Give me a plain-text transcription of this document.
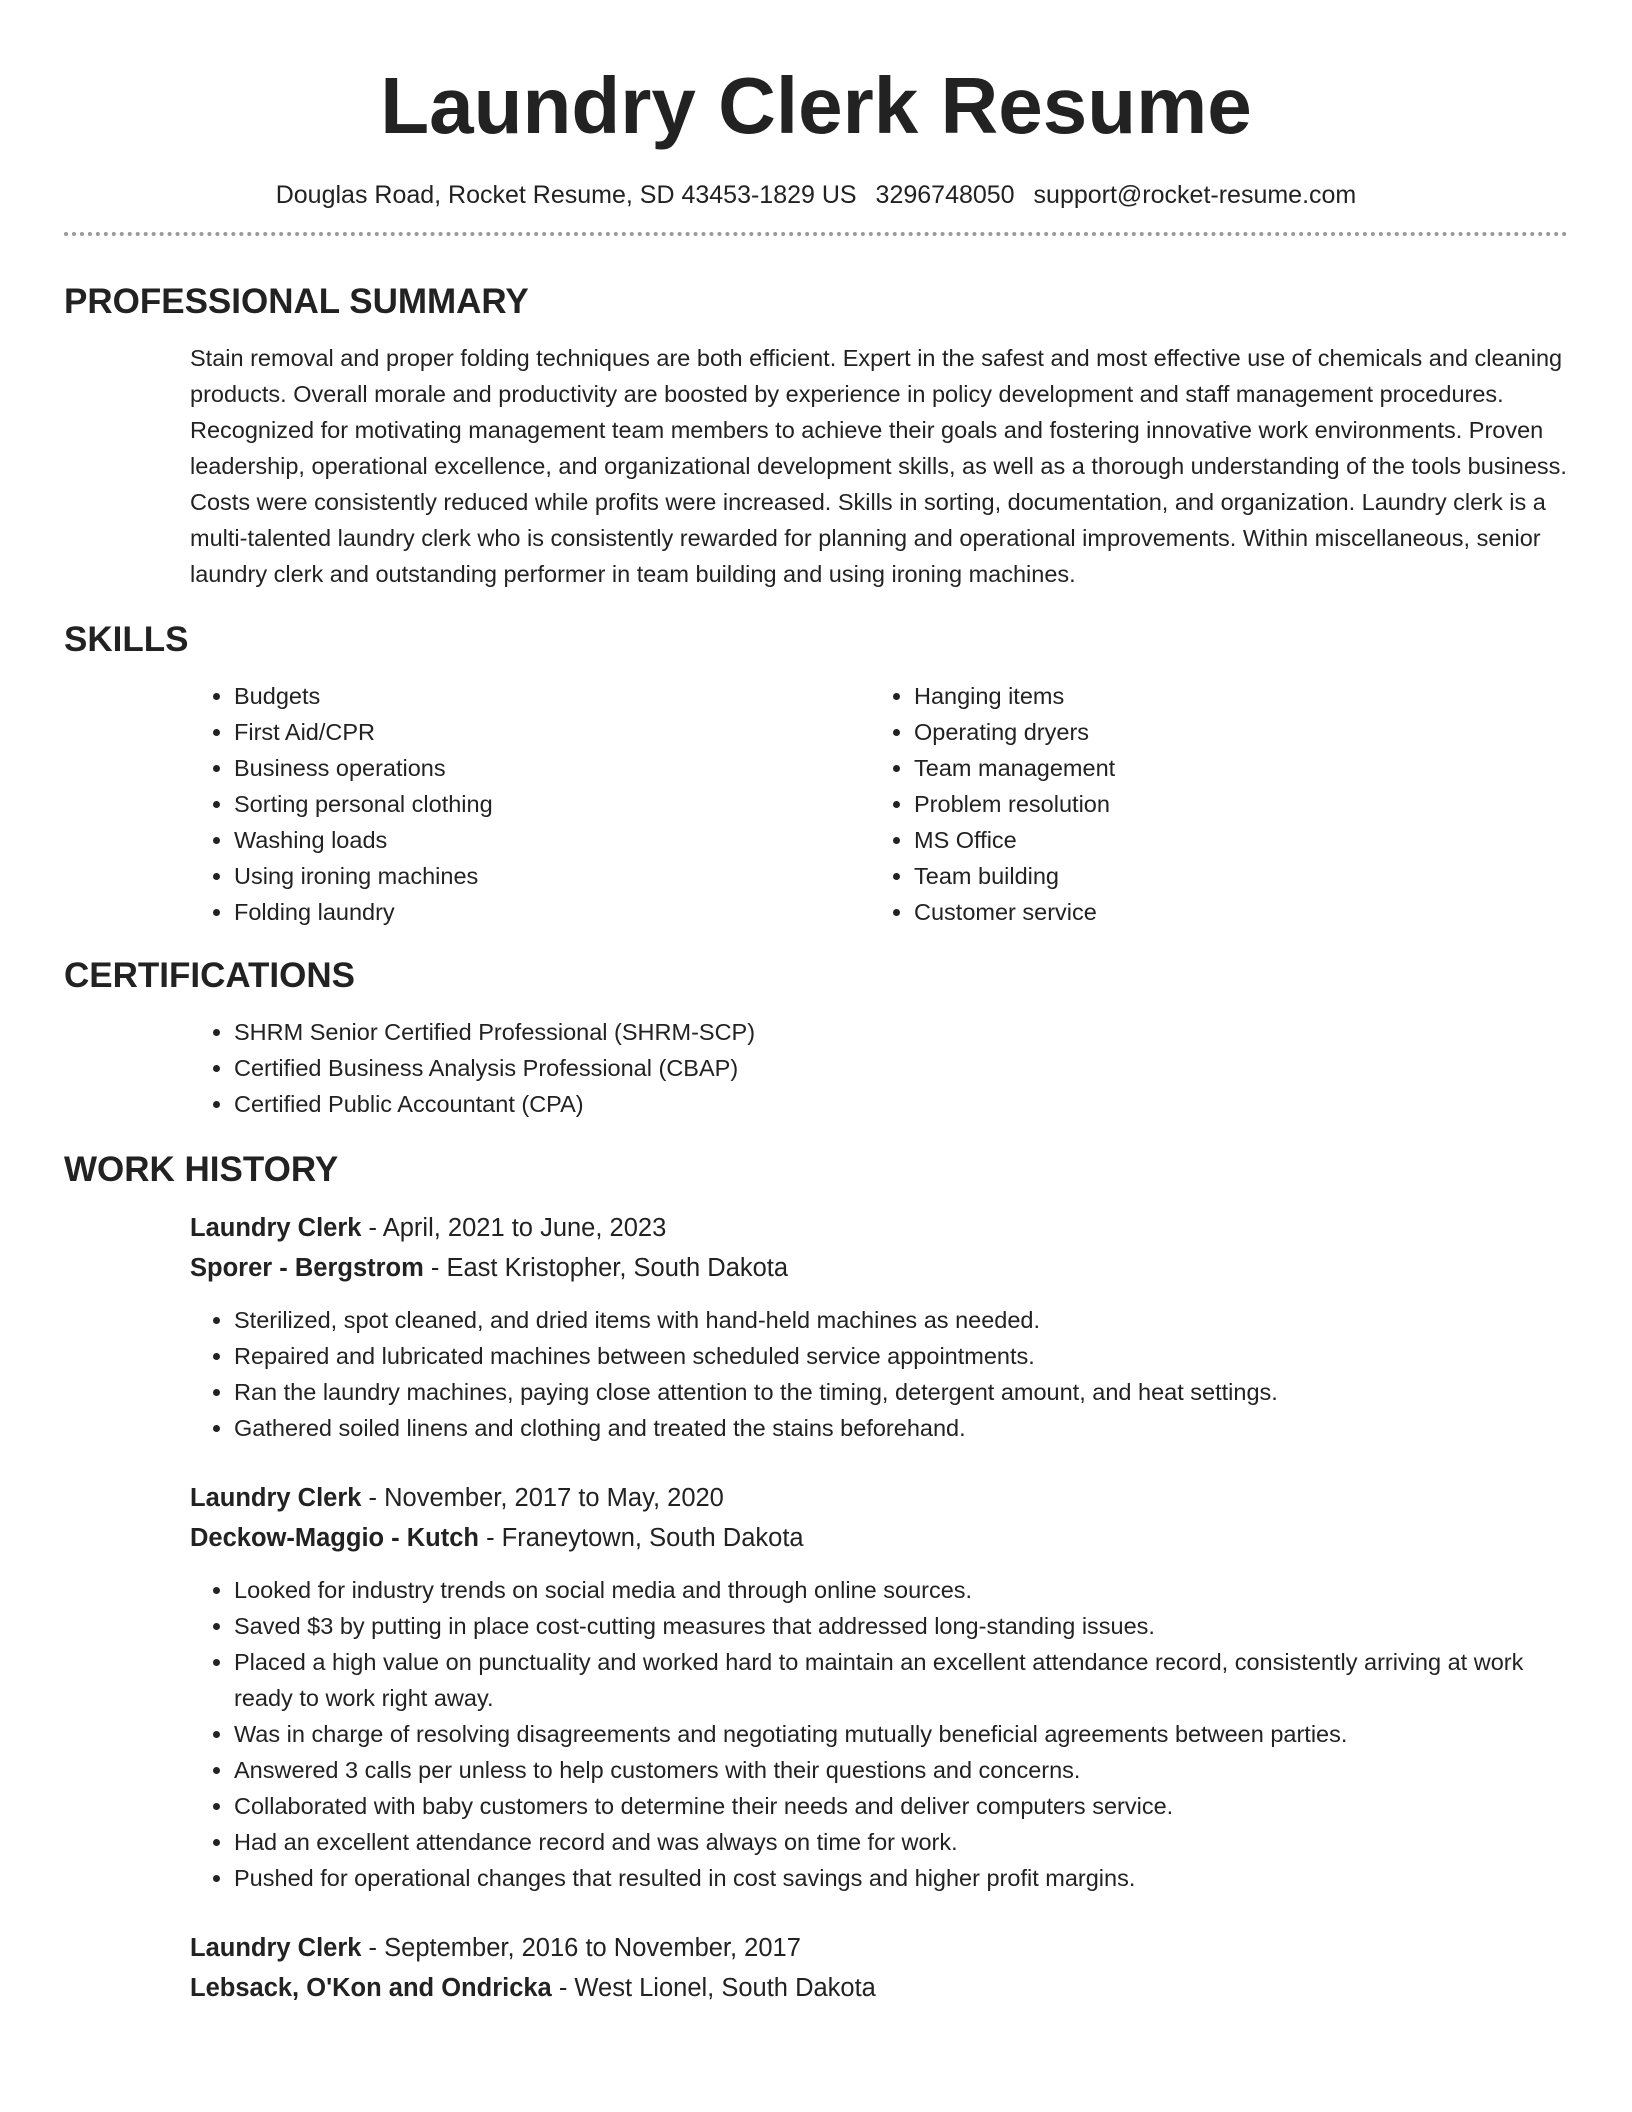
Laundry Clerk Resume
Douglas Road, Rocket Resume, SD 43453-1829 US 3296748050 support@rocket-resume.com
PROFESSIONAL SUMMARY

Stain removal and proper folding techniques are both efficient. Expert in the safest and most effective use of chemicals and cleaning products. Overall morale and productivity are boosted by experience in policy development and staff management procedures. Recognized for motivating management team members to achieve their goals and fostering innovative work environments. Proven leadership, operational excellence, and organizational development skills, as well as a thorough understanding of the tools business. Costs were consistently reduced while profits were increased. Skills in sorting, documentation, and organization. Laundry clerk is a multi-talented laundry clerk who is consistently rewarded for planning and operational improvements. Within miscellaneous, senior laundry clerk and outstanding performer in team building and using ironing machines.

SKILLS
• Budgets
• First Aid/CPR
• Business operations
• Sorting personal clothing
• Washing loads
• Using ironing machines
• Folding laundry
• Hanging items
• Operating dryers
• Team management
• Problem resolution
• MS Office
• Team building
• Customer service
CERTIFICATIONS
• SHRM Senior Certified Professional (SHRM-SCP)
• Certified Business Analysis Professional (CBAP)
• Certified Public Accountant (CPA)
WORK HISTORY

Laundry Clerk - April, 2021 to June, 2023

Sporer - Bergstrom - East Kristopher, South Dakota

• Sterilized, spot cleaned, and dried items with hand-held machines as needed.
• Repaired and lubricated machines between scheduled service appointments.
• Ran the laundry machines, paying close attention to the timing, detergent amount, and heat settings.
• Gathered soiled linens and clothing and treated the stains beforehand.

Laundry Clerk - November, 2017 to May, 2020

Deckow-Maggio - Kutch - Franeytown, South Dakota

• Looked for industry trends on social media and through online sources.
• Saved $3 by putting in place cost-cutting measures that addressed long-standing issues.
• Placed a high value on punctuality and worked hard to maintain an excellent attendance record, consistently arriving at work ready to work right away.
• Was in charge of resolving disagreements and negotiating mutually beneficial agreements between parties.
• Answered 3 calls per unless to help customers with their questions and concerns.
• Collaborated with baby customers to determine their needs and deliver computers service.
• Had an excellent attendance record and was always on time for work.
• Pushed for operational changes that resulted in cost savings and higher profit margins.

Laundry Clerk - September, 2016 to November, 2017

Lebsack, O'Kon and Ondricka - West Lionel, South Dakota
